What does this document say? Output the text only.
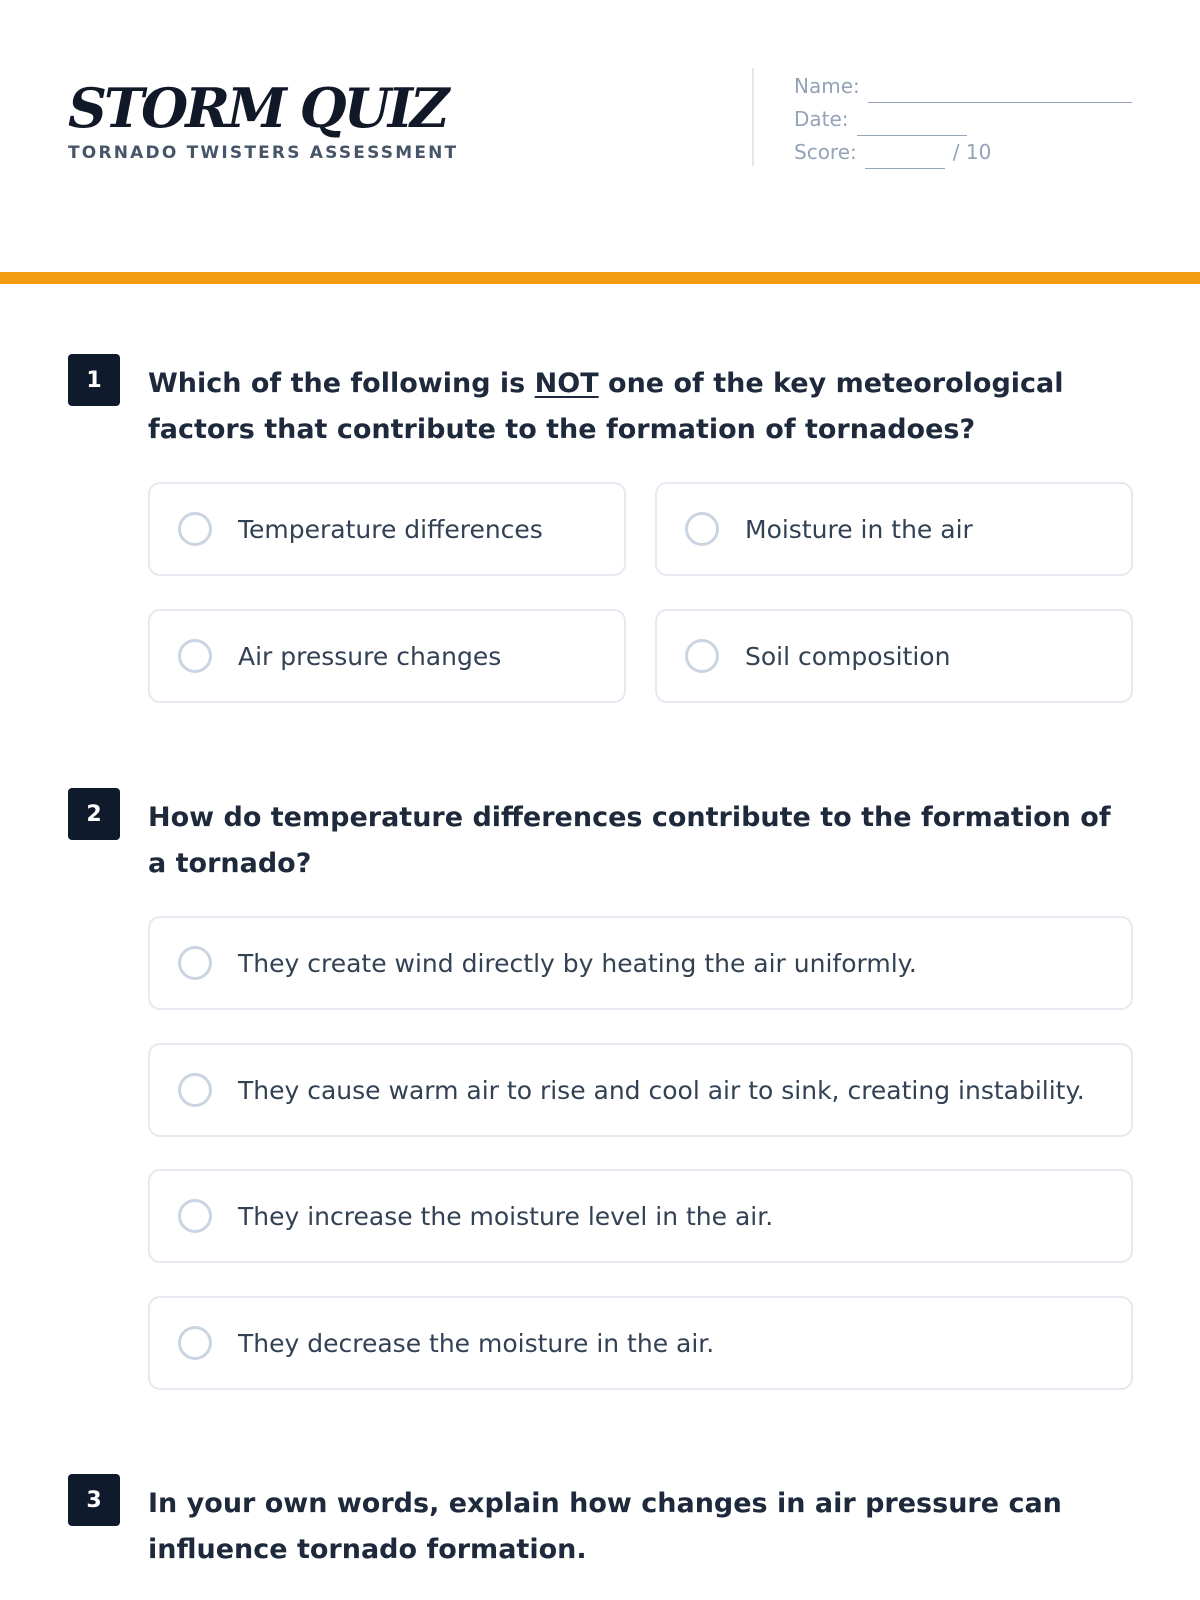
STORM QUIZ
TORNADO TWISTERS ASSESSMENT
Name:
Date:
Score:	/ 10
1	Which of the following is NOT one of the key meteorological factors that contribute to the formation of tornadoes?
Temperature differences	Moisture in the air
Air pressure changes	Soil composition
2	How do temperature differences contribute to the formation of a tornado?
They create wind directly by heating the air uniformly.
They cause warm air to rise and cool air to sink, creating instability.
They increase the moisture level in the air.
They decrease the moisture in the air.
3	In your own words, explain how changes in air pressure can influence tornado formation.
